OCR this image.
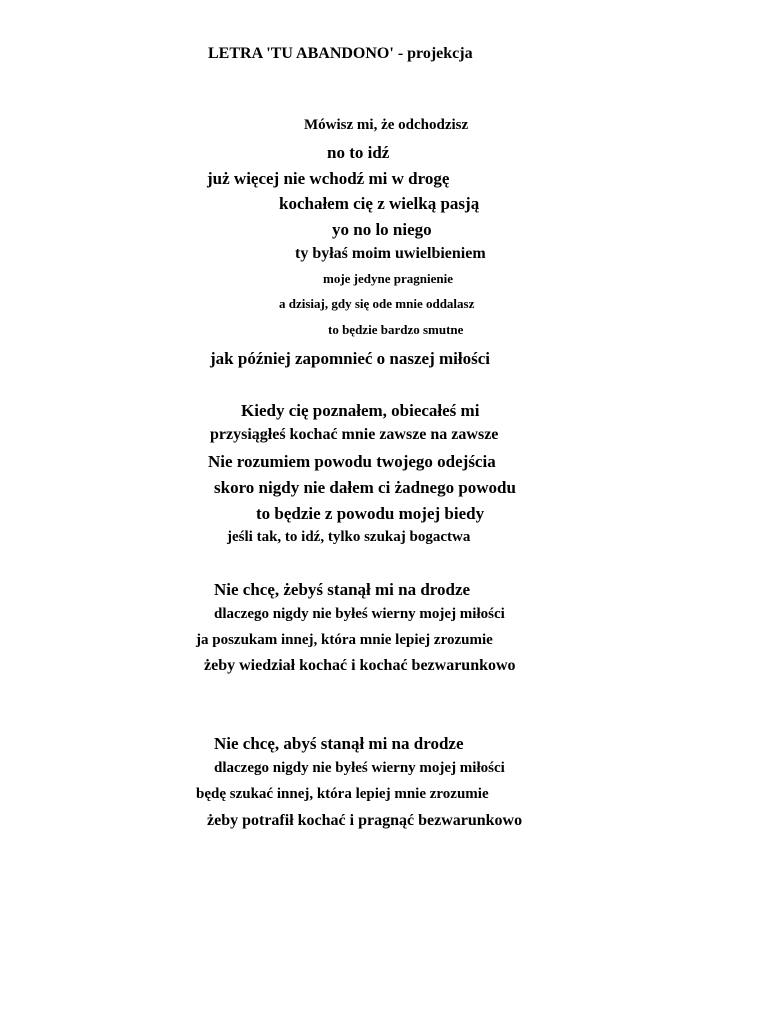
LETRA 'TU ABANDONO' - projekcja
Mówisz mi, że odchodzisz
no to idź
już więcej nie wchodź mi w drogę
kochałem cię z wielką pasją
yo no lo niego
ty byłaś moim uwielbieniem
moje jedyne pragnienie
a dzisiaj, gdy się ode mnie oddalasz
to będzie bardzo smutne
jak później zapomnieć o naszej miłości
Kiedy cię poznałem, obiecałeś mi
przysiągłeś kochać mnie zawsze na zawsze
Nie rozumiem powodu twojego odejścia
skoro nigdy nie dałem ci żadnego powodu
to będzie z powodu mojej biedy
jeśli tak, to idź, tylko szukaj bogactwa
Nie chcę, żebyś stanął mi na drodze
dlaczego nigdy nie byłeś wierny mojej miłości
ja poszukam innej, która mnie lepiej zrozumie
żeby wiedział kochać i kochać bezwarunkowo
Nie chcę, abyś stanął mi na drodze
dlaczego nigdy nie byłeś wierny mojej miłości
będę szukać innej, która lepiej mnie zrozumie
żeby potrafił kochać i pragnąć bezwarunkowo
